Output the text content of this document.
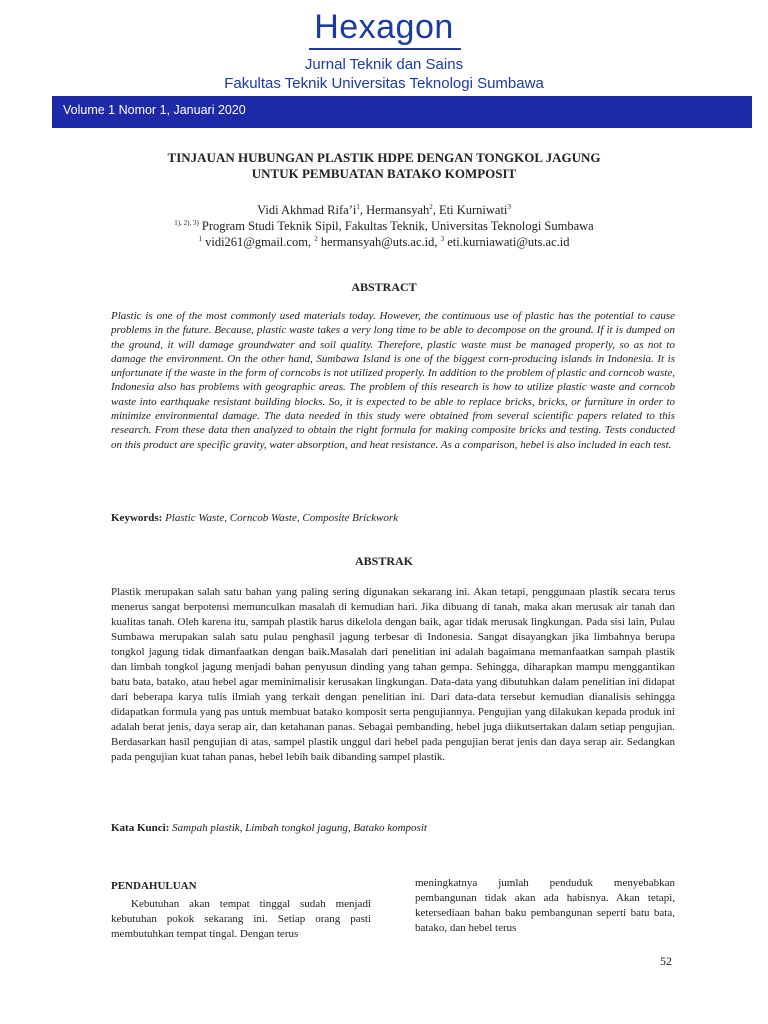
Hexagon
Jurnal Teknik dan Sains
Fakultas Teknik Universitas Teknologi Sumbawa
Volume 1 Nomor 1, Januari 2020
TINJAUAN HUBUNGAN PLASTIK HDPE DENGAN TONGKOL JAGUNG
UNTUK PEMBUATAN BATAKO KOMPOSIT
Vidi Akhmad $Rifa’i^1$, Hermansyah$^2$, Eti Kurniwati$^3$
$^{1), 2), 3)}$ Program Studi Teknik Sipil, Fakultas Teknik, Universitas Teknologi Sumbawa
$^1$ vidi261@gmail.com, $^2$ hermansyah@uts.ac.id, $^3$ eti.kurniawati@uts.ac.id
ABSTRACT
Plastic is one of the most commonly used materials today. However, the continuous use of plastic has the potential to cause problems in the future. Because, plastic waste takes a very long time to be able to decompose on the ground. If it is dumped on the ground, it will damage groundwater and soil quality. Therefore, plastic waste must be managed properly, so as not to damage the environment. On the other hand, Sumbawa Island is one of the biggest corn-producing islands in Indonesia. It is unfortunate if the waste in the form of corncobs is not utilized properly. In addition to the problem of plastic and corncob waste, Indonesia also has problems with geographic areas. The problem of this research is how to utilize plastic waste and corncob waste into earthquake resistant building blocks. So, it is expected to be able to replace bricks, bricks, or furniture in order to minimize environmental damage. The data needed in this study were obtained from several scientific papers related to this research. From these data then analyzed to obtain the right formula for making composite bricks and testing. Tests conducted on this product are specific gravity, water absorption, and heat resistance. As a comparison, hebel is also included in each test.
Keywords: Plastic Waste, Corncob Waste, Composite Brickwork
ABSTRAK
Plastik merupakan salah satu bahan yang paling sering digunakan sekarang ini. Akan tetapi, penggunaan plastik secara terus menerus sangat berpotensi memunculkan masalah di kemudian hari. Jika dibuang di tanah, maka akan merusak air tanah dan kualitas tanah. Oleh karena itu, sampah plastik harus dikelola dengan baik, agar tidak merusak lingkungan. Pada sisi lain, Pulau Sumbawa merupakan salah satu pulau penghasil jagung terbesar di Indonesia. Sangat disayangkan jika limbahnya berupa tongkol jagung tidak dimanfaatkan dengan baik.Masalah dari penelitian ini adalah bagaimana memanfaatkan sampah plastik dan limbah tongkol jagung menjadi bahan penyusun dinding yang tahan gempa. Sehingga, diharapkan mampu menggantikan batu bata, batako, atau hebel agar meminimalisir kerusakan lingkungan. Data-data yang dibutuhkan dalam penelitian ini didapat dari beberapa karya tulis ilmiah yang terkait dengan penelitian ini. Dari data-data tersebut kemudian dianalisis sehingga didapatkan formula yang pas untuk membuat batako komposit serta pengujiannya. Pengujian yang dilakukan kepada produk ini adalah berat jenis, daya serap air, dan ketahanan panas. Sebagai pembanding, hebel juga diikutsertakan dalam setiap pengujian. Berdasarkan hasil pengujian di atas, sampel plastik unggul dari hebel pada pengujian berat jenis dan daya serap air. Sedangkan pada pengujian kuat tahan panas, hebel lebih baik dibanding sampel plastik.
Kata Kunci: Sampah plastik, Limbah tongkol jagung, Batako komposit
PENDAHULUAN
Kebutuhan akan tempat tinggal sudah menjadi kebutuhan pokok sekarang ini. Setiap orang pasti membutuhkan tempat tingal. Dengan terus
meningkatnya jumlah penduduk menyebabkan pembangunan tidak akan ada habisnya. Akan tetapi, ketersediaan bahan baku pembangunan seperti batu bata, batako, dan hebel terus
52
